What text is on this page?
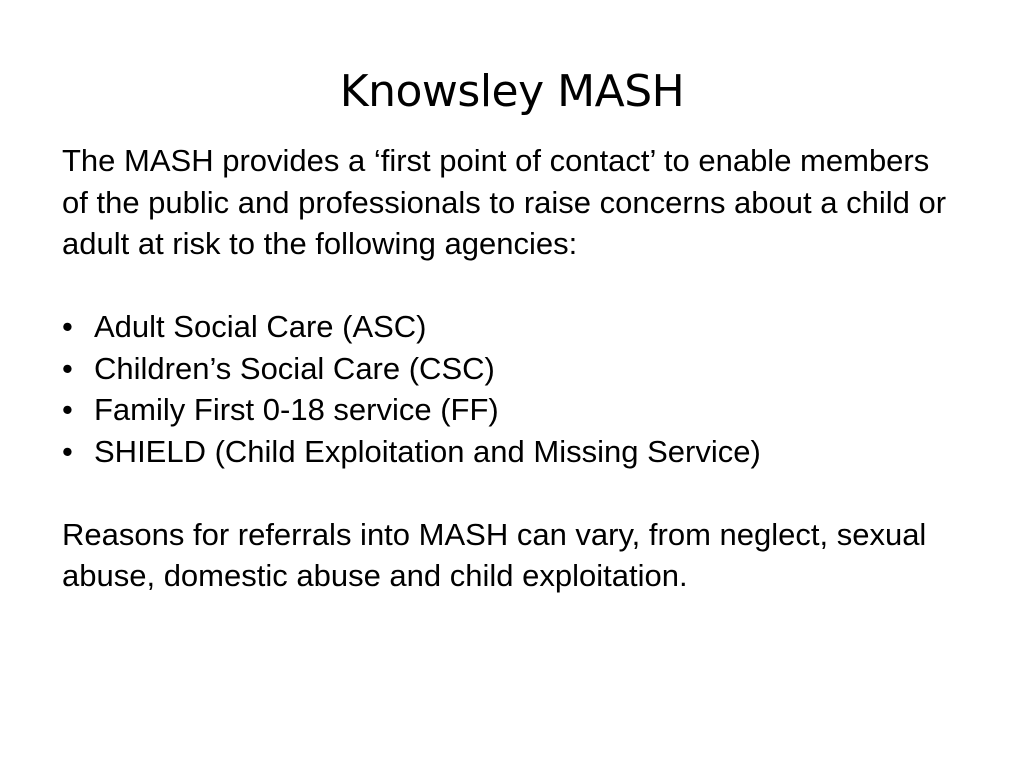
Knowsley MASH

The MASH provides a ‘first point of contact’ to enable members of the public and professionals to raise concerns about a child or adult at risk to the following agencies:

• Adult Social Care (ASC)
• Children’s Social Care (CSC)
• Family First 0-18 service (FF)
• SHIELD (Child Exploitation and Missing Service)

Reasons for referrals into MASH can vary, from neglect, sexual abuse, domestic abuse and child exploitation.
